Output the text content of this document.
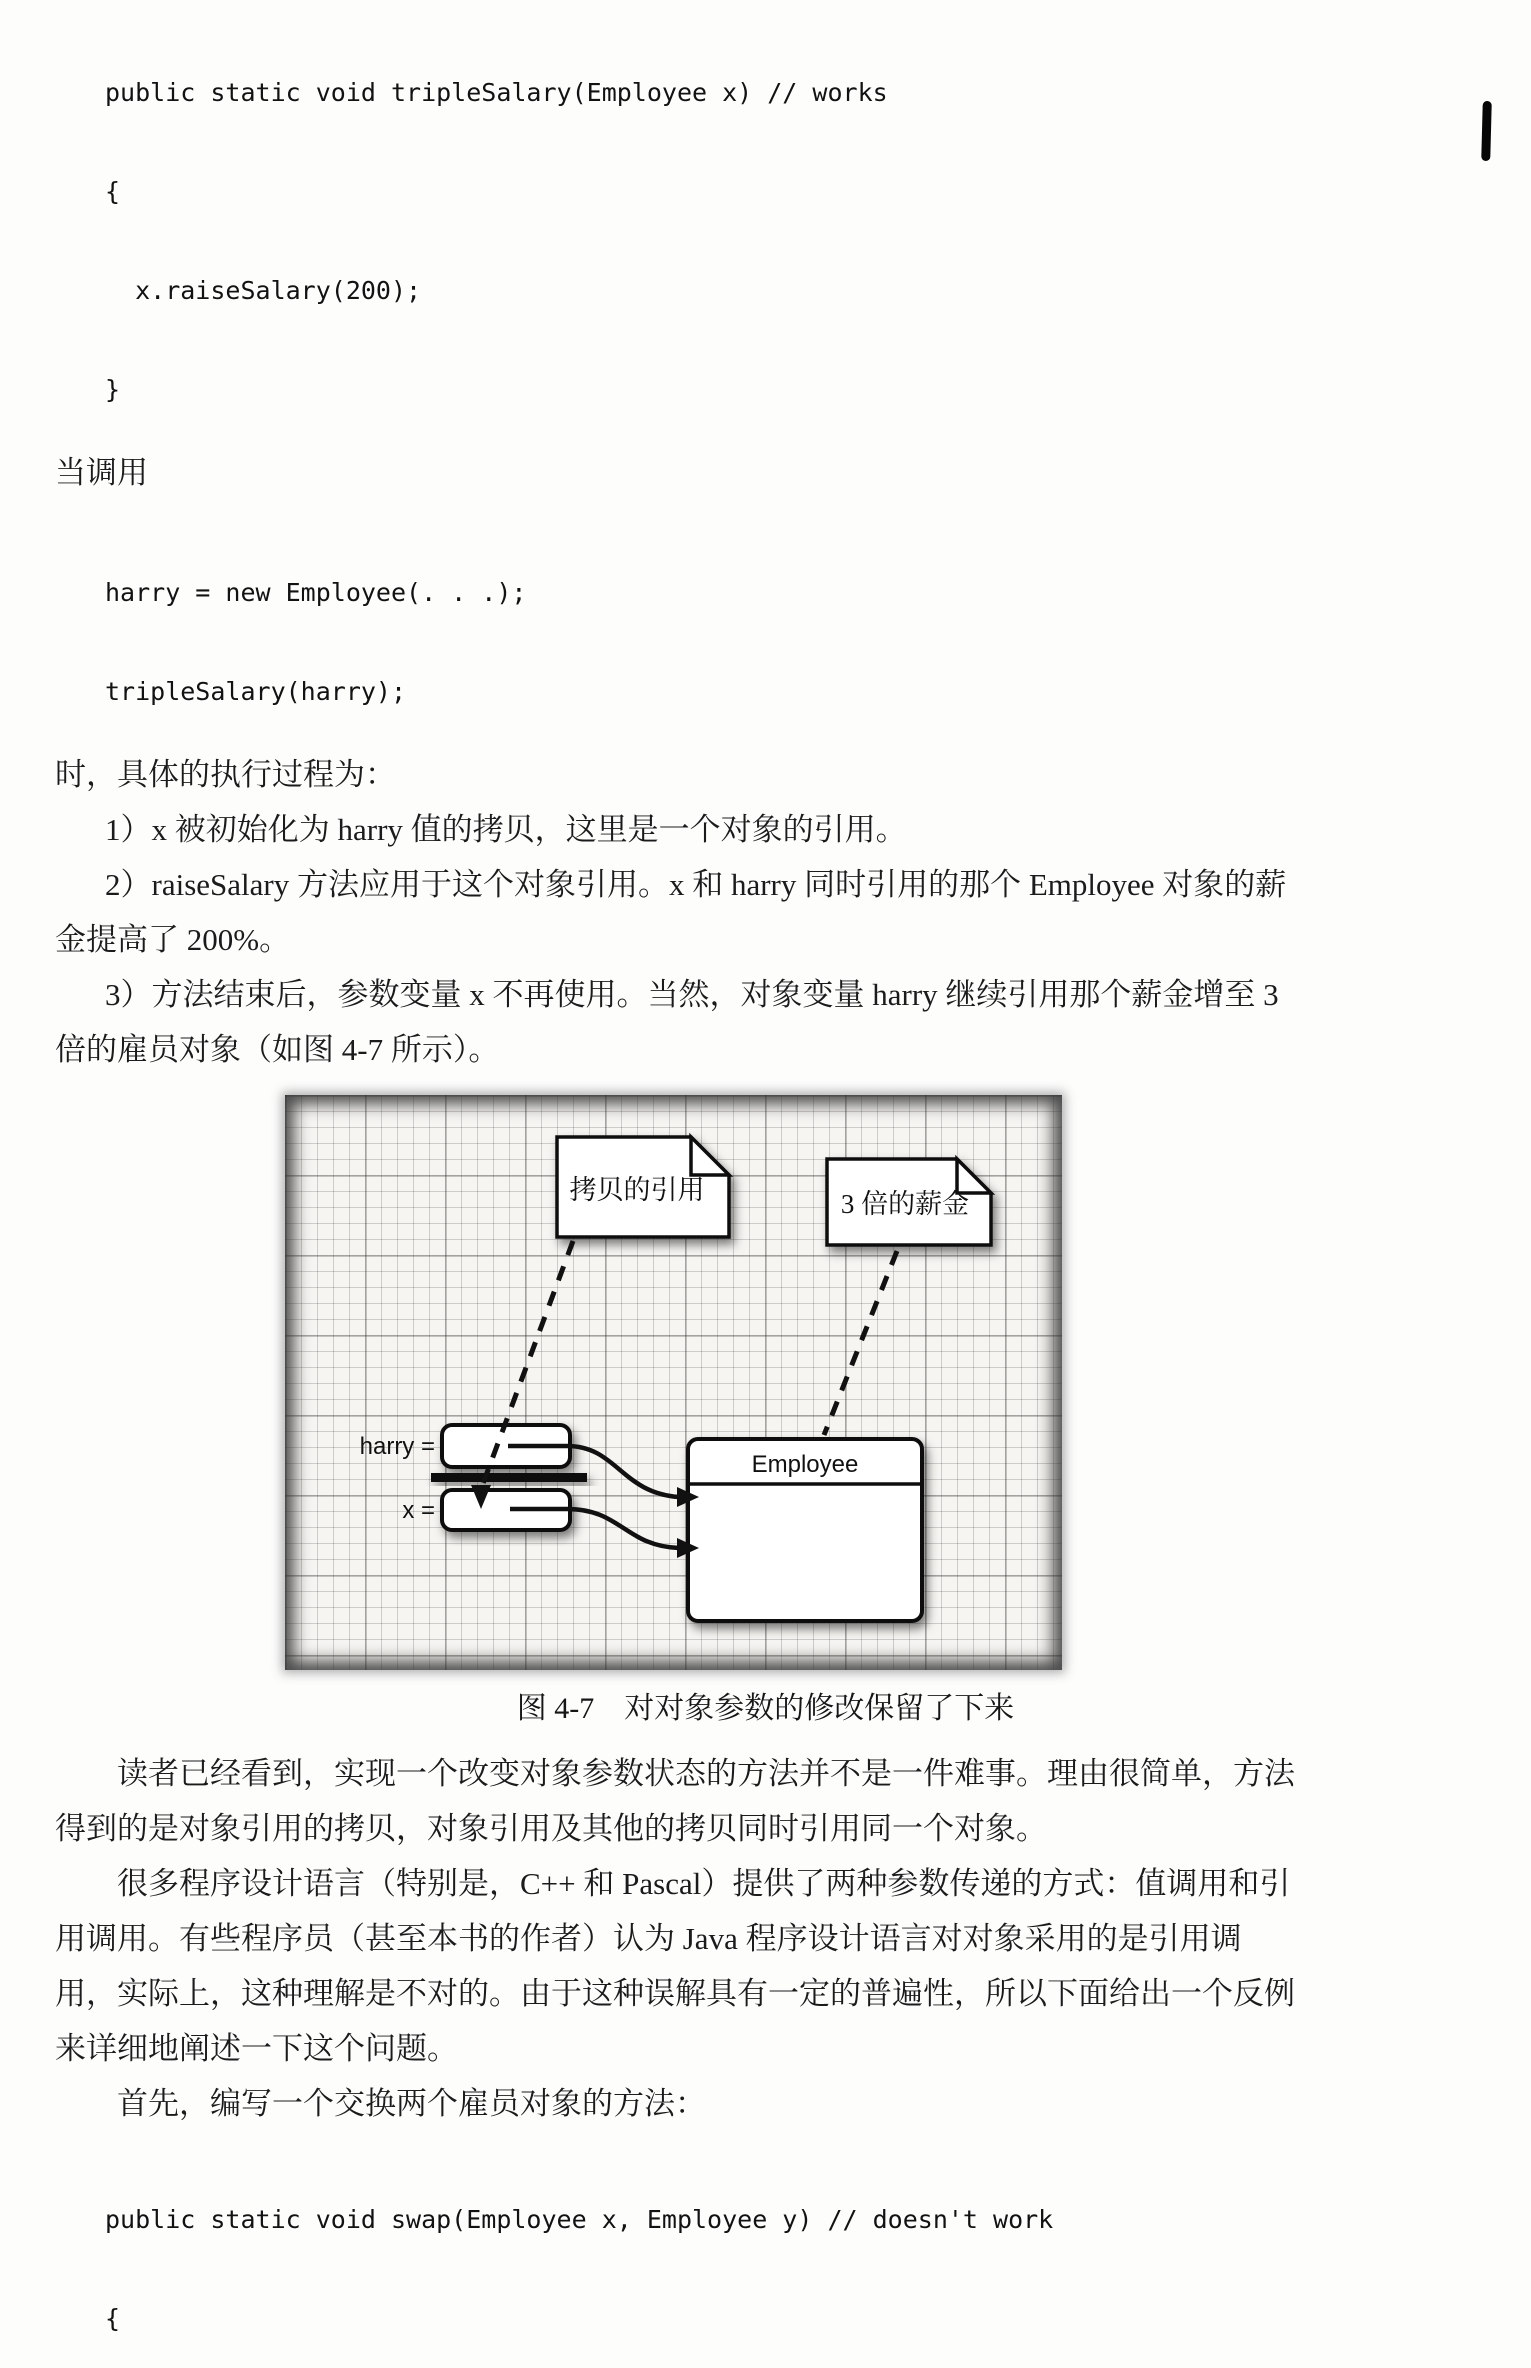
public static void tripleSalary(Employee x) // works

{

x.raiseSalary(200);

}

当调用

harry = new Employee(. . .);

tripleSalary(harry);

时，具体的执行过程为：
1）x 被初始化为 harry 值的拷贝，这里是一个对象的引用。
2）raiseSalary 方法应用于这个对象引用。x 和 harry 同时引用的那个 Employee 对象的薪金提高了 200%。
3）方法结束后，参数变量 x 不再使用。当然，对象变量 harry 继续引用那个薪金增至 3 倍的雇员对象（如图 4-7 所示）。
Employee
拷贝的引用	3 倍的薪金
harry =
x =
图 4-7 对对象参数的修改保留了下来
读者已经看到，实现一个改变对象参数状态的方法并不是一件难事。理由很简单，方法得到的是对象引用的拷贝，对象引用及其他的拷贝同时引用同一个对象。
很多程序设计语言（特别是，C++ 和 Pascal）提供了两种参数传递的方式：值调用和引用调用。有些程序员（甚至本书的作者）认为 Java 程序设计语言对对象采用的是引用调用，实际上，这种理解是不对的。由于这种误解具有一定的普遍性，所以下面给出一个反例来详细地阐述一下这个问题。
首先，编写一个交换两个雇员对象的方法：

public static void swap(Employee x, Employee y) // doesn't work

{
